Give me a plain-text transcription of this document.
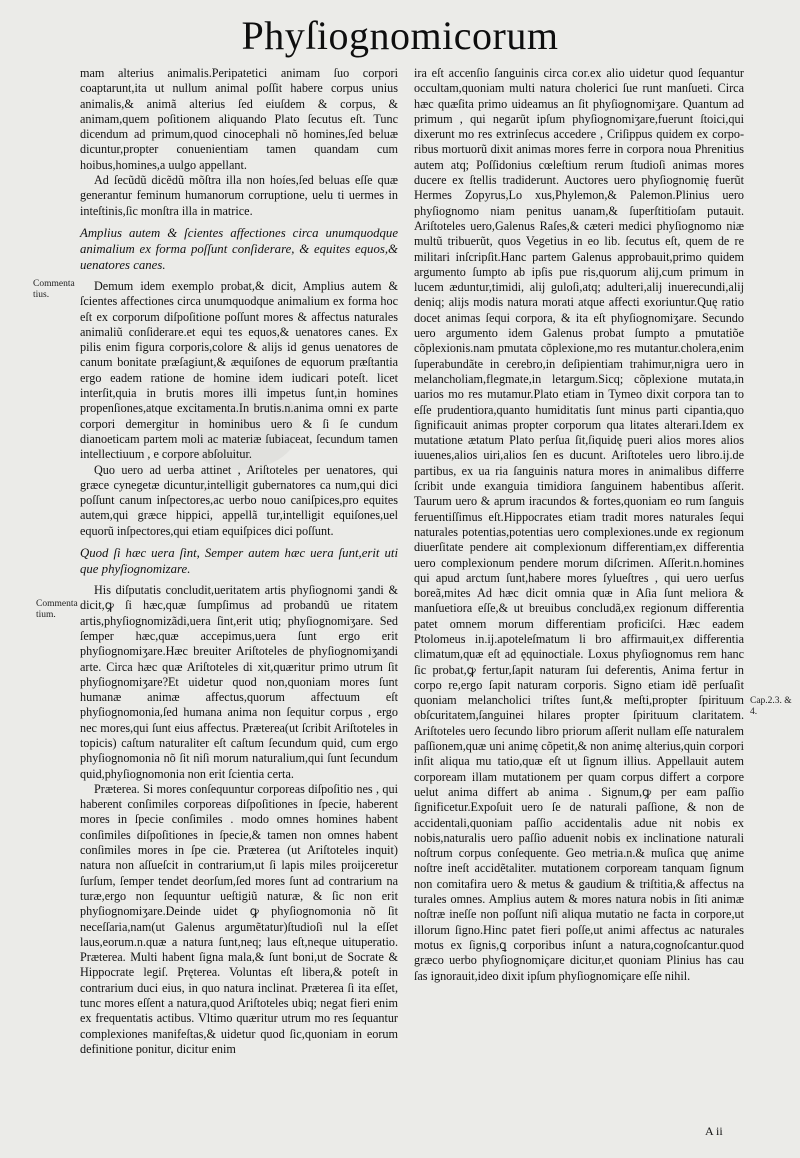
Phyſiognomicorum

mam alterius animalis.Peripatetici animam ſuo corpori coaptarunt,ita ut nullum animal poſſit habere corpus unius animalis,& animã alterius ſed eiuſdem & corpus, & animam,quem poſitionem aliquando Plato ſecutus eſt. Tunc dicendum ad primum,quod cinocephali nõ homines,ſed beluæ dicuntur,propter conuenientiam tamen quandam cum hoibus,homines,a uulgo appellant.

Ad ſecũdũ dicẽdũ mõſtra illa non hoíes,ſed beluas eſſe quæ generantur feminum humanorum corruptione, uelu ti uermes in inteſtinis,ſic monſtra illa in matrice.

Amplius autem & ſcientes affectiones circa unumquodque animalium ex forma poſſunt conſiderare, & equites equos,& uenatores canes.

Demum idem exemplo probat,& dicit, Amplius autem & ſcientes affectiones circa unumquodque animalium ex forma hoc eſt ex corporum diſpoſitione poſſunt mores & affectus naturales animaliũ conſiderare.et equi tes equos,& uenatores canes. Ex pilis enim figura corporis,colore & alijs id genus uenatores de canum bonitate præſagiunt,& æquiſones de equorum præſtantia ergo eadem ratione de homine idem iudicari poteſt. licet interſit,quia in brutis mores illi impetus ſunt,in homines propenſiones,atque excitamenta.In brutis.n.anima omni ex parte corpori demergitur in hominibus uero & ſi ſe cundum dianoeticam partem moli ac materiæ ſubiaceat, ſecundum tamen intellectiuum , e corpore abſoluitur.

Quo uero ad uerba attinet , Ariſtoteles per uenatores, qui græce cynegetæ dicuntur,intelligit gubernatores ca num,qui dici poſſunt canum inſpectores,ac uerbo nouo caniſpices,pro equites autem,qui græce hippici, appellã tur,intelligit equiſones,uel equorũ inſpectores,qui etiam equiſpices dici poſſunt.

Quod ſi hæc uera ſint, Semper autem hæc uera ſunt,erit uti que phyſiognomizare.

His diſputatis concludit,ueritatem artis phyſiognomi ʒandi & dicit,ꝙ ſi hæc,quæ ſumpſimus ad probandũ ue ritatem artis,phyſiognomizãdi,uera ſint,erit utiq; phyſiognomiʒare. Sed ſemper hæc,quæ accepimus,uera ſunt ergo erit phyſiognomiʒare.Hæc breuiter Ariſtoteles de phyſiognomiʒandi arte. Circa hæc quæ Ariſtoteles di xit,quæritur primo utrum ſit phyſiognomiʒare?Et uidetur quod non,quoniam mores ſunt humanæ animæ affectus,quorum affectuum eſt phyſiognomonia,ſed humana anima non ſequitur corpus , ergo nec mores,qui ſunt eius affectus. Præterea(ut ſcribit Ariſtoteles in topicis) caſtum naturaliter eſt caſtum ſecundum quid, cum ergo phyſiognomonia nõ ſit niſi morum naturalium,qui ſunt ſecundum quid,phyſiognomonia non erit ſcientia certa.

Præterea. Si mores conſequuntur corporeas diſpoſitio nes , qui haberent conſimiles corporeas diſpoſitiones in ſpecie, haberent mores in ſpecie conſimiles . modo omnes homines habent conſimiles diſpoſitiones in ſpecie,& tamen non omnes habent conſimiles mores in ſpe cie. Præterea (ut Ariſtoteles inquit) natura non aſſueſcit in contrarium,ut ſi lapis miles proijceretur ſurſum, ſemper tendet deorſum,ſed mores ſunt ad contrarium na turæ,ergo non ſequuntur ueſtigiũ naturæ, & ſic non erit phyſiognomiʒare.Deinde uidet ꝙ phyſiognomonia nõ ſit neceſſaria,nam(ut Galenus argumẽtatur)ſtudioſi nul la eſſet laus,eorum.n.quæ a natura ſunt,neq; laus eſt,neque uituperatio. Præterea. Multi habent ſigna mala,& ſunt boni,ut de Socrate & Hippocrate legiſ. Pręterea. Voluntas eſt libera,& poteſt in contrarium duci eius, in quo natura inclinat. Præterea ſi ita eſſet, tunc mores eſſent a natura,quod Ariſtoteles ubiq; negat fieri enim ex frequentatis actibus. Vltimo quæritur utrum mo res ſequantur complexiones manifeſtas,& uidetur quod ſic,quoniam in eorum definitione ponitur, dicitur enim

ira eſt accenſio ſanguinis circa cor.ex alio uidetur quod ſequantur occultam,quoniam multi natura cholerici ſue runt manſueti. Circa hæc quæſita primo uideamus an ſit phyſiognomiʒare. Quantum ad primum , qui negarũt ipſum phyſiognomiʒare,fuerunt ſtoici,qui dixerunt mo res extrinſecus accedere , Criſippus quidem ex corporibus mortuorũ dixit animas mores ferre in corpora noua Phrenitius autem atq; Poſſidonius cœleſtium rerum ſtudioſi animas mores ducere ex ſtellis tradiderunt. Auctores uero phyſiognomię fuerũt Hermes Zopyrus,Lo xus,Phylemon,& Palemon.Plinius uero phyſiognomo niam penitus uanam,& ſuperſtitioſam putauit. Ariſtoteles uero,Galenus Raſes,& cæteri medici phyſiognomo niæ multũ tribuerũt, quos Vegetius in eo lib. ſecutus eſt, quem de re militari inſcripſit.Hanc partem Galenus approbauit,primo quidem argumento ſumpto ab ipſis pue ris,quorum alij,cum primum in lucem æduntur,timidi, alij guloſi,atq; adulteri,alij inuerecundi,alij deniq; alijs modis natura morati atque affecti exoriuntur.Quę ratio docet animas ſequi corpora, & ita eſt phyſiognomiʒare. Secundo uero argumento idem Galenus probat ſumpto a pmutatiõe cõplexionis.nam pmutata cõplexione,mo res mutantur.cholera,enim ſuperabundãte in cerebro,in deſipientiam trahimur,nigra uero in melancholiam,flegmate,in letargum.Sicq; cõplexione mutata,in uarios mo res mutamur.Plato etiam in Tymeo dixit corpora tan to eſſe prudentiora,quanto humiditatis ſunt minus parti cipantia,quo ſignificauit animas propter corporum qua litates alterari.Idem ex mutatione ætatum Plato perſua ſit,ſiquidę pueri alios mores alios iuuenes,alios uiri,alios ſen es ducunt. Ariſtoteles uero libro.ij.de partibus, ex ua ria ſanguinis natura mores in animalibus differre ſcribit unde exanguia timidiora ſanguinem habentibus aſſerit. Taurum uero & aprum iracundos & fortes,quoniam eo rum ſanguis feruentiſſimus eſt.Hippocrates etiam tradit mores naturales ſequi naturales potentias,potentias uero complexiones.unde ex regionum diuerſitate pendere ait complexionum differentiam,ex differentia uero complexionum pendere morum diſcrimen. Aſſerit.n.homines qui apud arctum ſunt,habere mores ſylueſtres , qui uero uerſus boreã,mites Ad hæc dicit omnia quæ in Aſia ſunt meliora & manſuetiora eſſe,& ut breuibus concludã,ex regionum differentia patet omnem morum differentiam proficiſci. Hæc eadem Ptolomeus in.ij.apoteleſmatum li bro affirmauit,ex differentia climatum,quæ eſt ad ęquinoctiale. Loxus phyſiognomus rem hanc ſic probat,ꝙ fertur,ſapit naturam ſui deferentis, Anima fertur in corpo re,ergo ſapit naturam corporis. Signo etiam idẽ perſuaſit quoniam melancholici triſtes ſunt,& meſti,propter ſpirituum obſcuritatem,ſanguinei hilares propter ſpirituum claritatem. Ariſtoteles uero ſecundo libro priorum aſſerit nullam eſſe naturalem paſſionem,quæ uni animę cõpetit,& non animę alterius,quin corpori inſit aliqua mu tatio,quæ eſt ut ſignum illius. Appellauit autem corpoream illam mutationem per quam corpus differt a corpore uelut anima differt ab anima . Signum,ꝙ per eam paſſio ſignificetur.Expoſuit uero ſe de naturali paſſione, & non de accidentali,quoniam paſſio accidentalis adue nit nobis ex nobis,naturalis uero paſſio aduenit nobis ex inclinatione naturali noſtrum corpus conſequente. Geo metria.n.& muſica quę anime noſtre ineſt accidẽtaliter. mutationem corpoream tanquam ſignum non comitafira uero & metus & gaudium & triſtitia,& affectus na turales omnes. Amplius autem & mores natura nobis in ſiti animæ noſtræ ineſſe non poſſunt niſi aliqua mutatio ne facta in corpore,ut illorum ſigno.Hinc patet fieri poſſe,ut animi affectus ac naturales motus ex ſignis,ꝗ corporibus inſunt a natura,cognoſcantur.quod græco uerbo phyſiognomiçare dicitur,et quoniam Plinius has cau ſas ignorauit,ideo dixit ipſum phyſiognomiçare eſſe nihil.

Commenta tius.
Commenta tium.
Cap.2.3. & 4.
A ii
